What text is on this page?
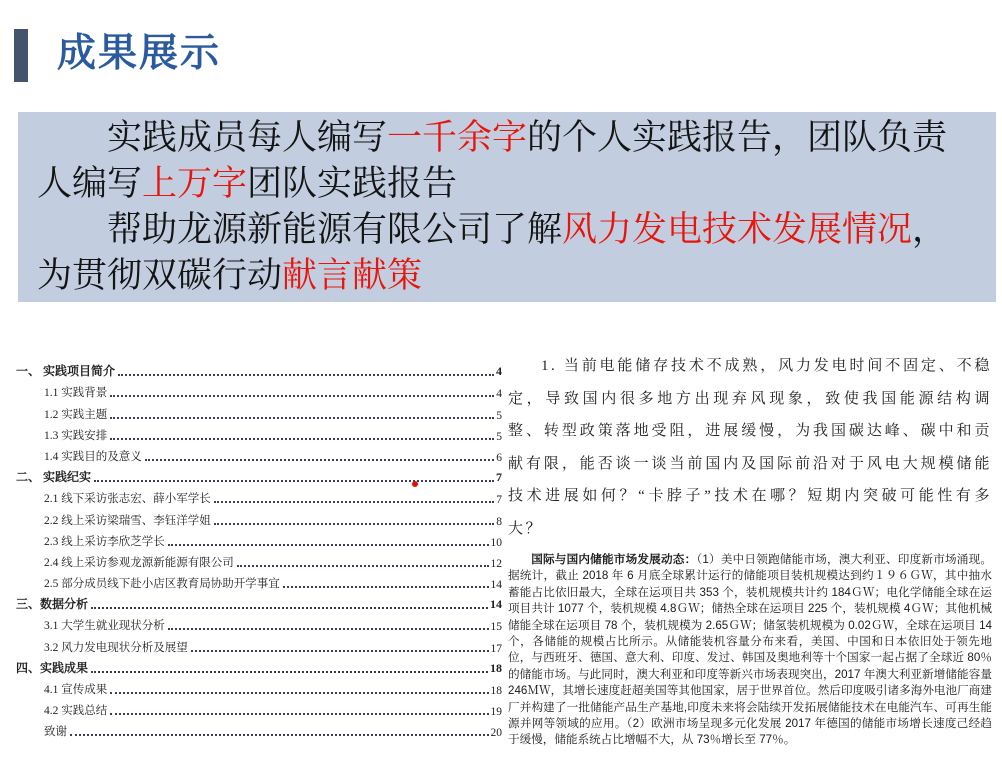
成果展示

实践成员每人编写一千余字的个人实践报告，团队负责人编写上万字团队实践报告

帮助龙源新能源有限公司了解风力发电技术发展情况，为贯彻双碳行动献言献策

一、 实践项目简介	4
1.1 实践背景	4
1.2 实践主题	5
1.3 实践安排	5
1.4 实践目的及意义	6
二、 实践纪实	7
2.1 线下采访张志宏、薛小军学长	7
2.2 线上采访梁瑞雪、李钰洋学姐	8
2.3 线上采访李欣芝学长	10
2.4 线上采访参观龙源新能源有限公司	12
2.5 部分成员线下赴小店区教育局协助开学事宜	14
三、数据分析	14
3.1 大学生就业现状分析	15
3.2 风力发电现状分析及展望	17
四、实践成果	18
4.1 宣传成果	18
4.2 实践总结	19
致谢	20

1. 当前电能储存技术不成熟，风力发电时间不固定、不稳定，导致国内很多地方出现弃风现象，致使我国能源结构调整、转型政策落地受阻，进展缓慢，为我国碳达峰、碳中和贡献有限，能否谈一谈当前国内及国际前沿对于风电大规模储能技术进展如何？“卡脖子”技术在哪？短期内突破可能性有多大？

国际与国内储能市场发展动态：（1）美中日领跑储能市场，澳大利亚、印度新市场涌现。据统计，截止 2018 年 6 月底全球累计运行的储能项目装机规模达到约１９６ＧＷ，其中抽水蓄能占比依旧最大，全球在运项目共 353 个，装机规模共计约 184ＧＷ；电化学储能全球在运项目共计 1077 个，装机规模 4.8ＧＷ；储热全球在运项目 225 个，装机规模 4ＧＷ；其他机械储能全球在运项目 78 个，装机规模为 2.65ＧＷ；储氢装机规模为 0.02ＧＷ，全球在运项目 14 个，各储能的规模占比所示。从储能装机容量分布来看，美国、中国和日本依旧处于领先地位，与西班牙、德国、意大利、印度、发过、韩国及奥地利等十个国家一起占据了全球近 80％的储能市场。与此同时，澳大利亚和印度等新兴市场表现突出，2017 年澳大利亚新增储能容量 246ＭＷ，其增长速度赶超美国等其他国家，居于世界首位。然后印度吸引诸多海外电池厂商建厂并构建了一批储能产品生产基地,印度未来将会陆续开发拓展储能技术在电能汽车、可再生能源并网等领域的应用。（2）欧洲市场呈现多元化发展 2017 年德国的储能市场增长速度己经趋于缓慢，储能系统占比增幅不大，从 73％增长至 77％。
